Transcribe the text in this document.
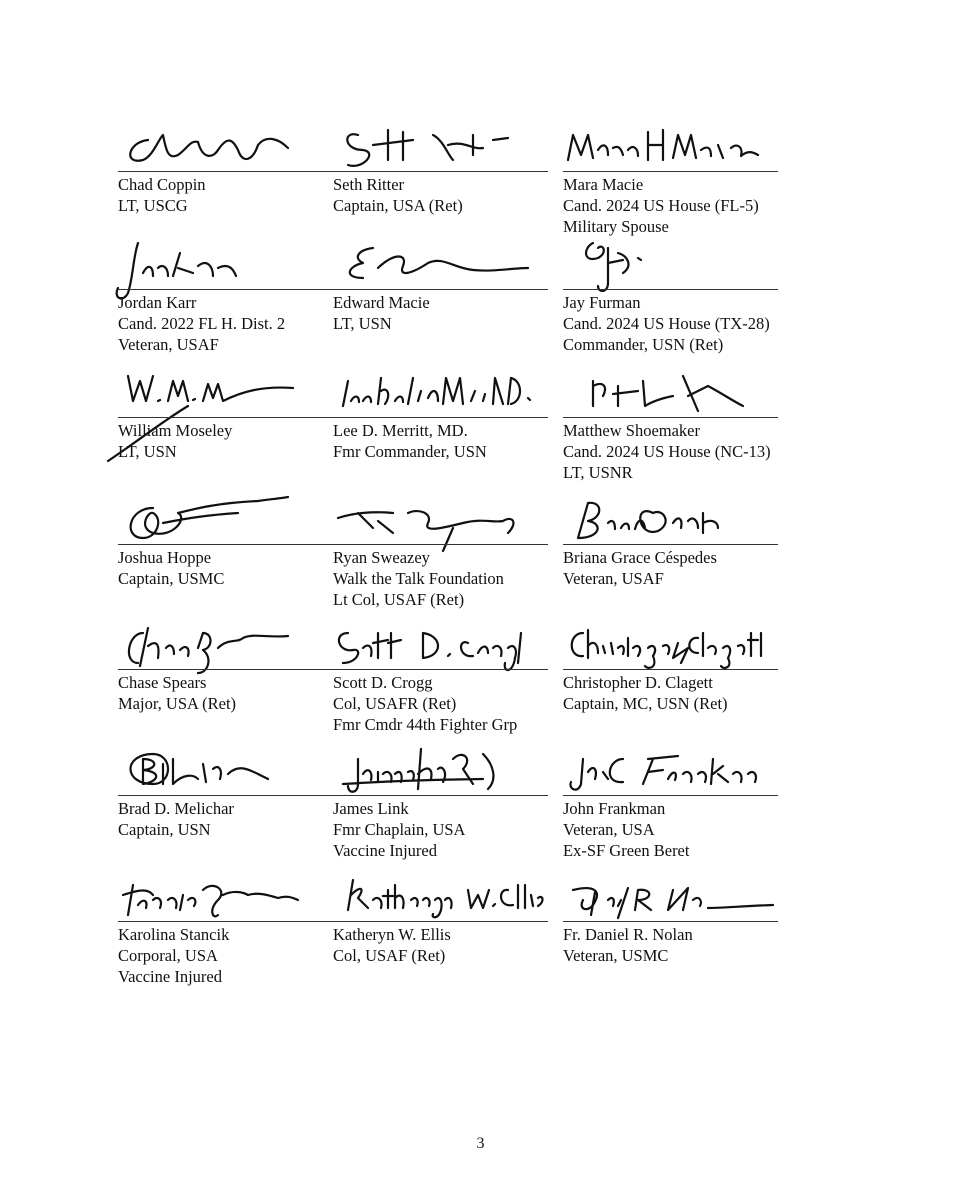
Chad Coppin
LT, USCG
Seth Ritter
Captain, USA (Ret)
Mara Macie
Cand. 2024 US House (FL-5)
Military Spouse
Jordan Karr
Cand. 2022 FL H. Dist. 2
Veteran, USAF
Edward Macie
LT, USN
Jay Furman
Cand. 2024 US House (TX-28)
Commander, USN (Ret)
William Moseley
LT, USN
Lee D. Merritt, MD.
Fmr Commander, USN
Matthew Shoemaker
Cand. 2024 US House (NC-13)
LT, USNR
Joshua Hoppe
Captain, USMC
Ryan Sweazey
Walk the Talk Foundation
Lt Col, USAF (Ret)
Briana Grace Céspedes
Veteran, USAF
Chase Spears
Major, USA (Ret)
Scott D. Crogg
Col, USAFR (Ret)
Fmr Cmdr 44th Fighter Grp
Christopher D. Clagett
Captain, MC, USN (Ret)
Brad D. Melichar
Captain, USN
James Link
Fmr Chaplain, USA
Vaccine Injured
John Frankman
Veteran, USA
Ex-SF Green Beret
Karolina Stancik
Corporal, USA
Vaccine Injured
Katheryn W. Ellis
Col, USAF (Ret)
Fr. Daniel R. Nolan
Veteran, USMC
3
